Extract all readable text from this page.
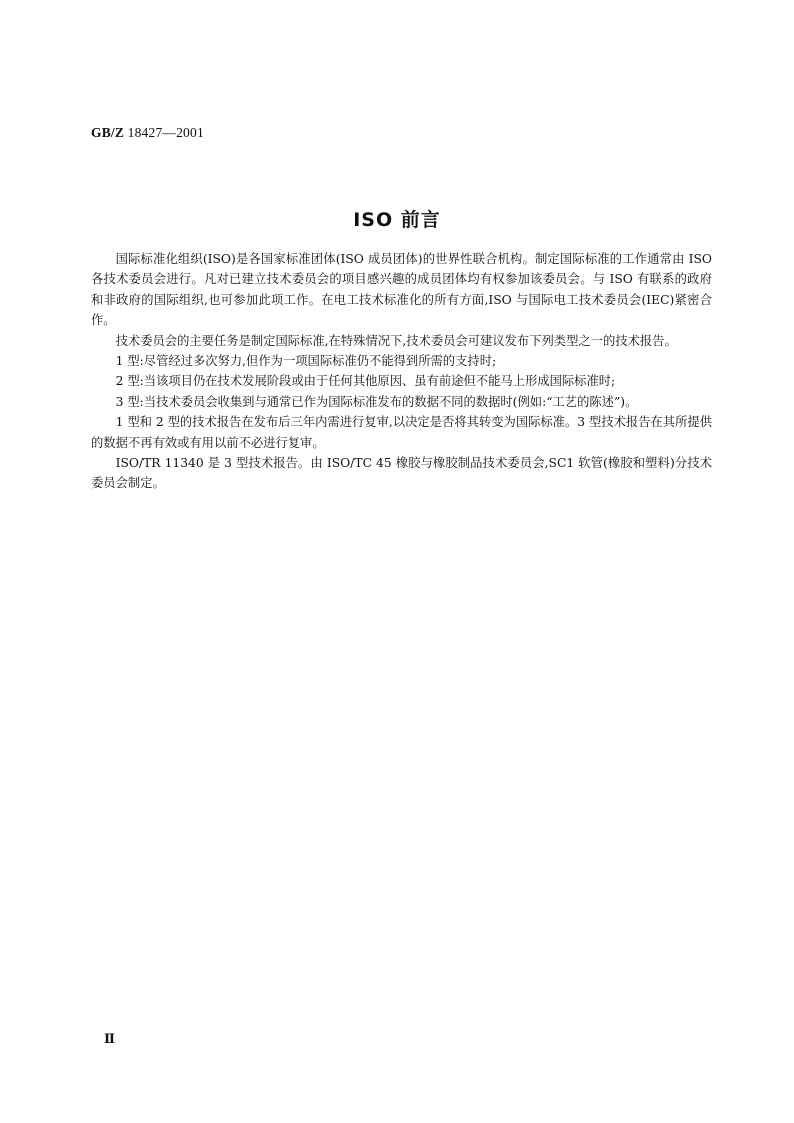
GB/Z 18427—2001
ISO 前言

国际标准化组织(ISO)是各国家标准团体(ISO 成员团体)的世界性联合机构。制定国际标准的工作通常由 ISO 各技术委员会进行。凡对已建立技术委员会的项目感兴趣的成员团体均有权参加该委员会。与 ISO 有联系的政府和非政府的国际组织,也可参加此项工作。在电工技术标准化的所有方面,ISO 与国际电工技术委员会(IEC)紧密合作。

技术委员会的主要任务是制定国际标准,在特殊情况下,技术委员会可建议发布下列类型之一的技术报告。

1 型:尽管经过多次努力,但作为一项国际标准仍不能得到所需的支持时;

2 型:当该项目仍在技术发展阶段或由于任何其他原因、虽有前途但不能马上形成国际标准时;

3 型:当技术委员会收集到与通常已作为国际标准发布的数据不同的数据时(例如:“工艺的陈述”)。

1 型和 2 型的技术报告在发布后三年内需进行复审,以决定是否将其转变为国际标准。3 型技术报告在其所提供的数据不再有效或有用以前不必进行复审。

ISO/TR 11340 是 3 型技术报告。由 ISO/TC 45 橡胶与橡胶制品技术委员会,SC1 软管(橡胶和塑料)分技术委员会制定。

Ⅱ
